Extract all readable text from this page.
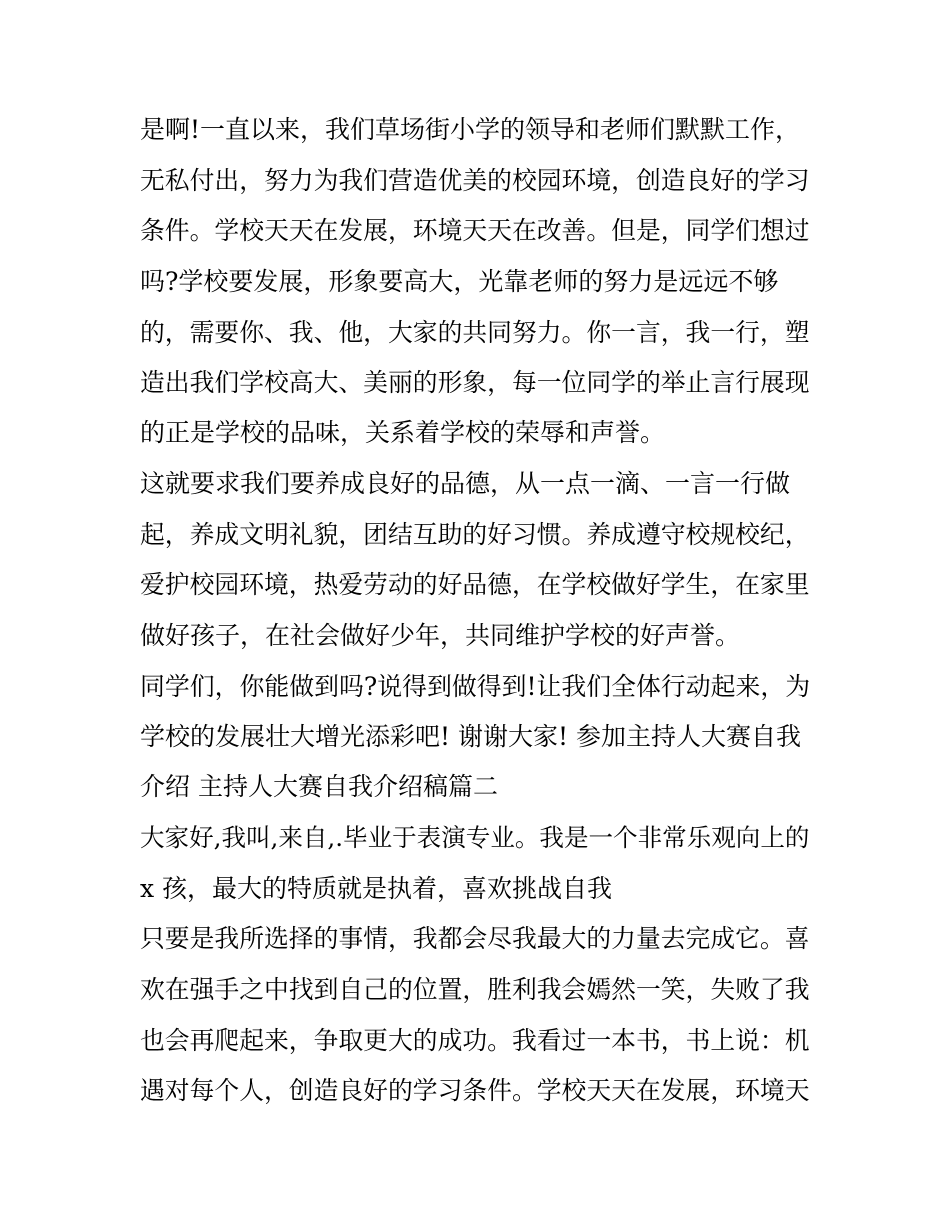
是啊!一直以来，我们草场街小学的领导和老师们默默工作，
无私付出，努力为我们营造优美的校园环境，创造良好的学习
条件。学校天天在发展，环境天天在改善。但是，同学们想过
吗?学校要发展，形象要高大，光靠老师的努力是远远不够
的，需要你、我、他，大家的共同努力。你一言，我一行，塑
造出我们学校高大、美丽的形象，每一位同学的举止言行展现
的正是学校的品味，关系着学校的荣辱和声誉。
这就要求我们要养成良好的品德，从一点一滴、一言一行做
起，养成文明礼貌，团结互助的好习惯。养成遵守校规校纪，
爱护校园环境，热爱劳动的好品德，在学校做好学生，在家里
做好孩子，在社会做好少年，共同维护学校的好声誉。
同学们，你能做到吗?说得到做得到!让我们全体行动起来，为
学校的发展壮大增光添彩吧! 谢谢大家! 参加主持人大赛自我
介绍 主持人大赛自我介绍稿篇二
大家好,我叫,来自,.毕业于表演专业。我是一个非常乐观向上的
x 孩，最大的特质就是执着，喜欢挑战自我
只要是我所选择的事情，我都会尽我最大的力量去完成它。喜
欢在强手之中找到自己的位置，胜利我会嫣然一笑，失败了我
也会再爬起来，争取更大的成功。我看过一本书，书上说：机
遇对每个人，创造良好的学习条件。学校天天在发展，环境天
